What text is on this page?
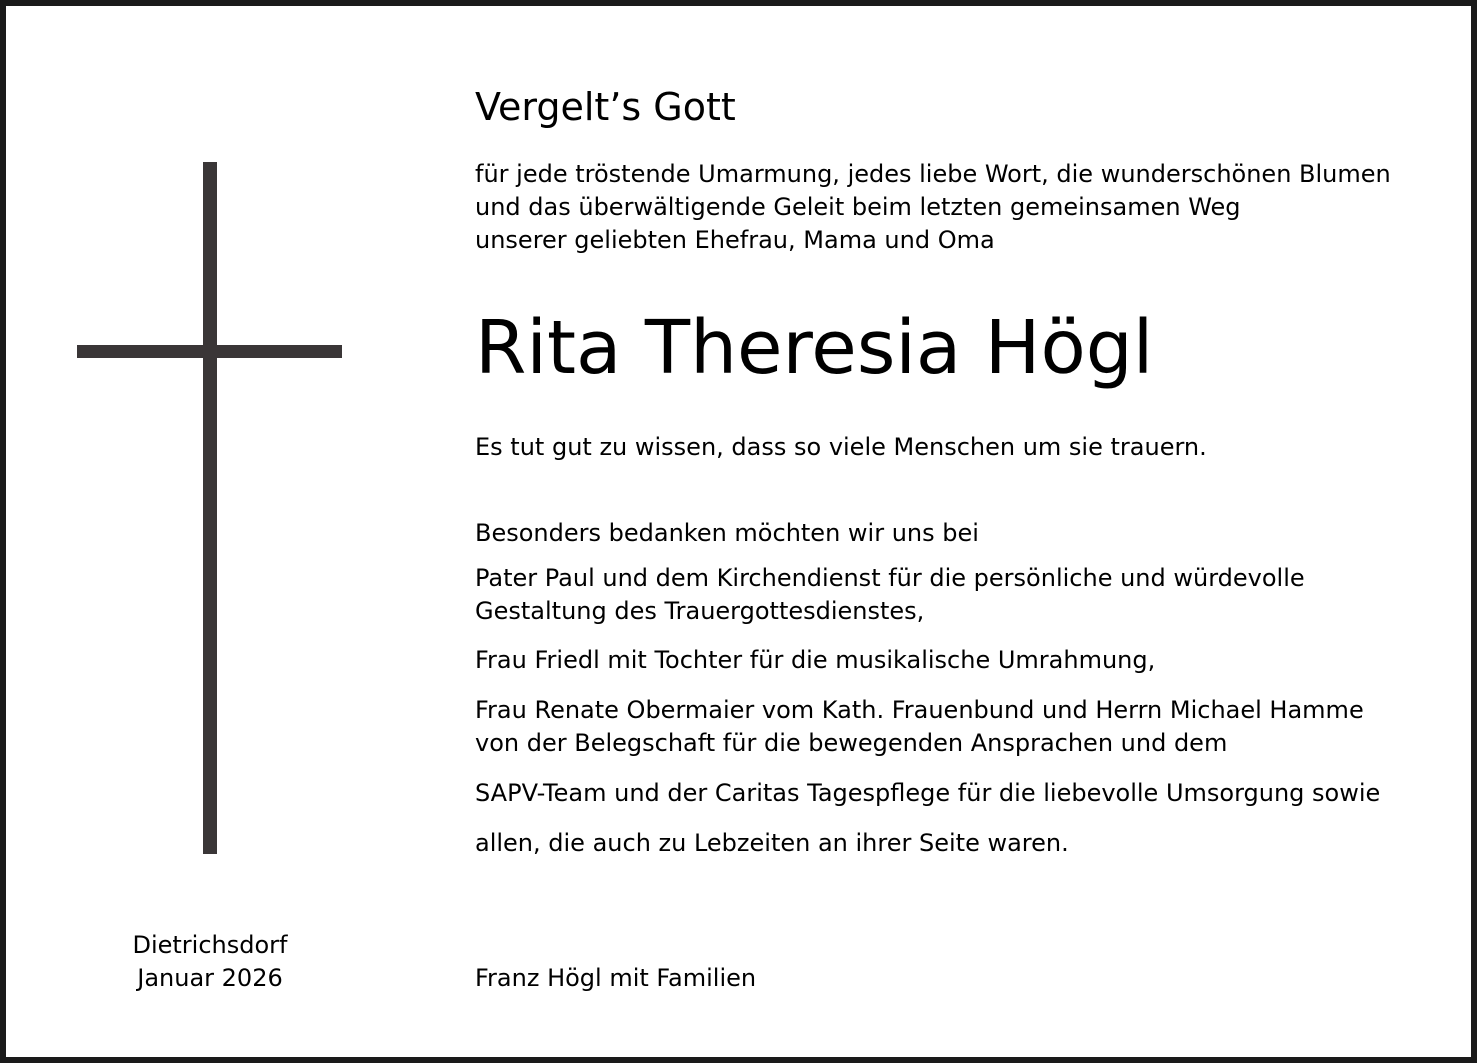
Dietrichsdorf
Januar 2026
Vergelt’s Gott
für jede tröstende Umarmung, jedes liebe Wort, die wunderschönen Blumen
und das überwältigende Geleit beim letzten gemeinsamen Weg
unserer geliebten Ehefrau, Mama und Oma
Rita Theresia Högl
Es tut gut zu wissen, dass so viele Menschen um sie trauern.
Besonders bedanken möchten wir uns bei
Pater Paul und dem Kirchendienst für die persönliche und würdevolle
Gestaltung des Trauergottesdienstes,
Frau Friedl mit Tochter für die musikalische Umrahmung,
Frau Renate Obermaier vom Kath. Frauenbund und Herrn Michael Hamme
von der Belegschaft für die bewegenden Ansprachen und dem
SAPV-Team und der Caritas Tagespflege für die liebevolle Umsorgung sowie
allen, die auch zu Lebzeiten an ihrer Seite waren.
Franz Högl mit Familien
